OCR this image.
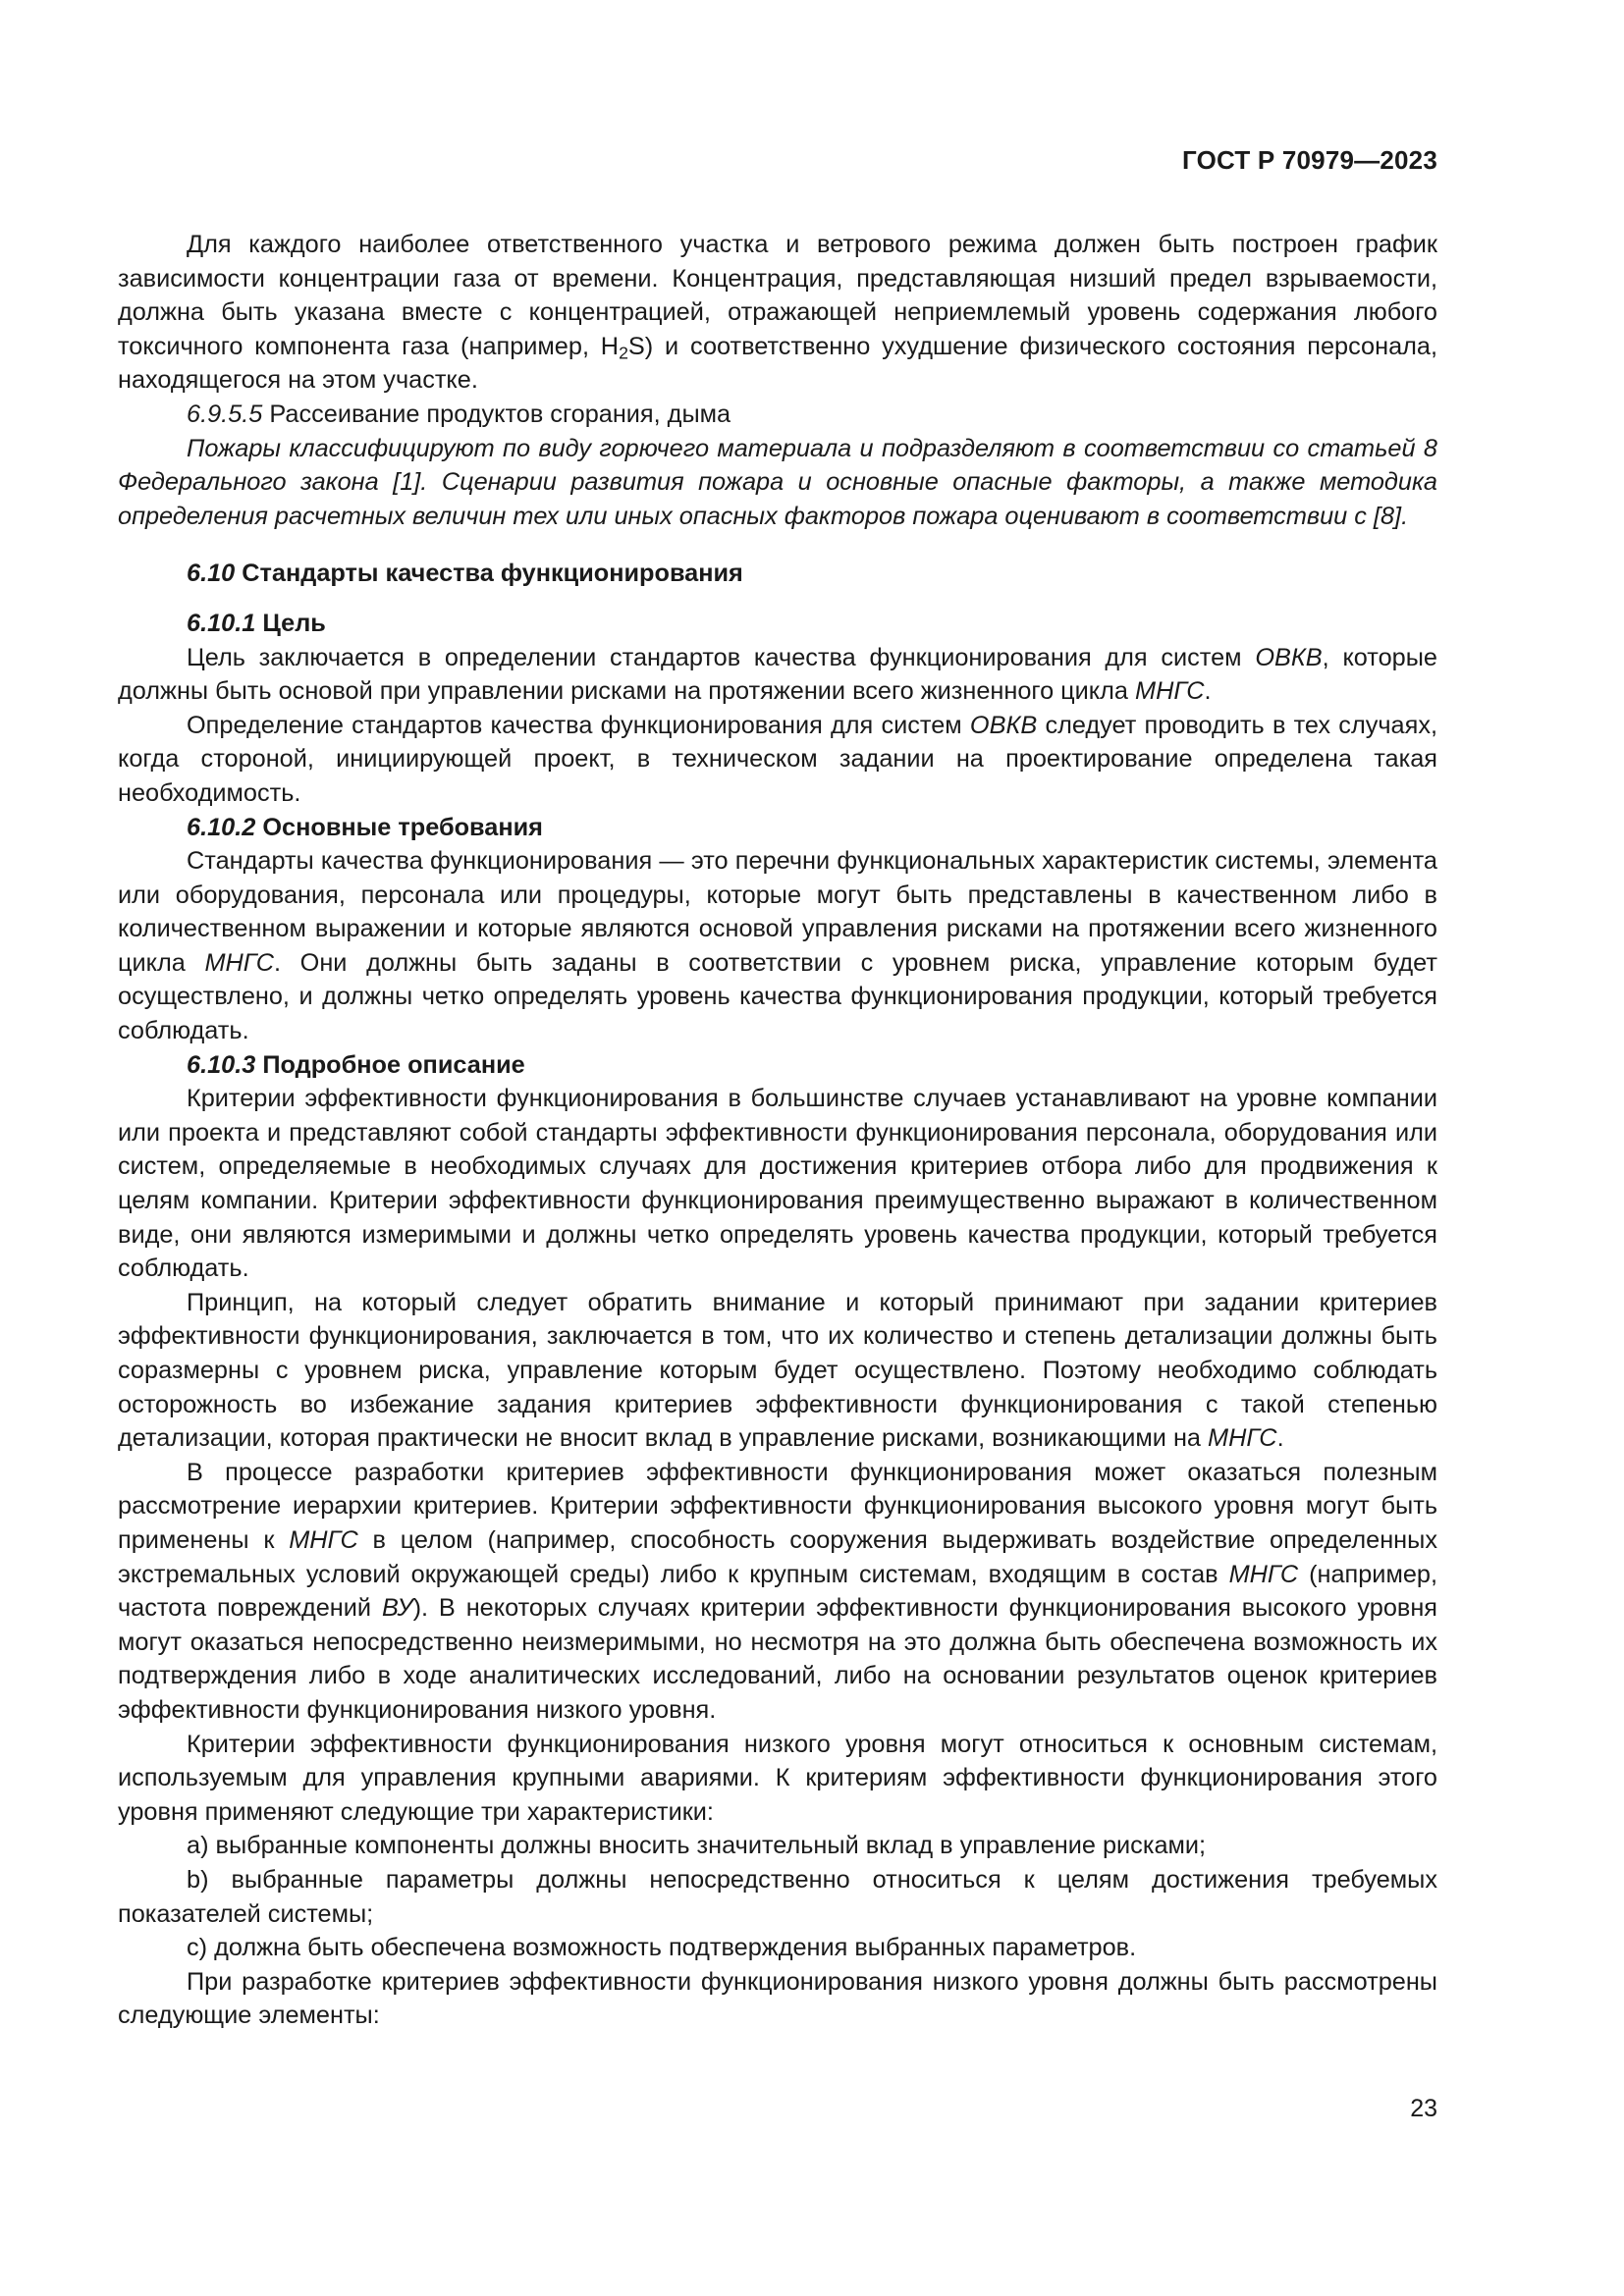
ГОСТ Р 70979—2023

Для каждого наиболее ответственного участка и ветрового режима должен быть построен график зависимости концентрации газа от времени. Концентрация, представляющая низший предел взрываемости, должна быть указана вместе с концентрацией, отражающей неприемлемый уровень содержания любого токсичного компонента газа (например, $H_2S$) и соответственно ухудшение физического состояния персонала, находящегося на этом участке.

6.9.5.5 Рассеивание продуктов сгорания, дыма

Пожары классифицируют по виду горючего материала и подразделяют в соответствии со статьей 8 Федерального закона [1]. Сценарии развития пожара и основные опасные факторы, а также методика определения расчетных величин тех или иных опасных факторов пожара оценивают в соответствии с [8].

6.10 Стандарты качества функционирования

6.10.1 Цель

Цель заключается в определении стандартов качества функционирования для систем ОВКВ, которые должны быть основой при управлении рисками на протяжении всего жизненного цикла МНГС.

Определение стандартов качества функционирования для систем ОВКВ следует проводить в тех случаях, когда стороной, инициирующей проект, в техническом задании на проектирование определена такая необходимость.

6.10.2 Основные требования

Стандарты качества функционирования — это перечни функциональных характеристик системы, элемента или оборудования, персонала или процедуры, которые могут быть представлены в качественном либо в количественном выражении и которые являются основой управления рисками на протяжении всего жизненного цикла МНГС. Они должны быть заданы в соответствии с уровнем риска, управление которым будет осуществлено, и должны четко определять уровень качества функционирования продукции, который требуется соблюдать.

6.10.3 Подробное описание

Критерии эффективности функционирования в большинстве случаев устанавливают на уровне компании или проекта и представляют собой стандарты эффективности функционирования персонала, оборудования или систем, определяемые в необходимых случаях для достижения критериев отбора либо для продвижения к целям компании. Критерии эффективности функционирования преимущественно выражают в количественном виде, они являются измеримыми и должны четко определять уровень качества продукции, который требуется соблюдать.

Принцип, на который следует обратить внимание и который принимают при задании критериев эффективности функционирования, заключается в том, что их количество и степень детализации должны быть соразмерны с уровнем риска, управление которым будет осуществлено. Поэтому необходимо соблюдать осторожность во избежание задания критериев эффективности функционирования с такой степенью детализации, которая практически не вносит вклад в управление рисками, возникающими на МНГС.

В процессе разработки критериев эффективности функционирования может оказаться полезным рассмотрение иерархии критериев. Критерии эффективности функционирования высокого уровня могут быть применены к МНГС в целом (например, способность сооружения выдерживать воздействие определенных экстремальных условий окружающей среды) либо к крупным системам, входящим в состав МНГС (например, частота повреждений ВУ). В некоторых случаях критерии эффективности функционирования высокого уровня могут оказаться непосредственно неизмеримыми, но несмотря на это должна быть обеспечена возможность их подтверждения либо в ходе аналитических исследований, либо на основании результатов оценок критериев эффективности функционирования низкого уровня.

Критерии эффективности функционирования низкого уровня могут относиться к основным системам, используемым для управления крупными авариями. К критериям эффективности функционирования этого уровня применяют следующие три характеристики:

a) выбранные компоненты должны вносить значительный вклад в управление рисками;

b) выбранные параметры должны непосредственно относиться к целям достижения требуемых показателей системы;

c) должна быть обеспечена возможность подтверждения выбранных параметров.

При разработке критериев эффективности функционирования низкого уровня должны быть рассмотрены следующие элементы:

23
